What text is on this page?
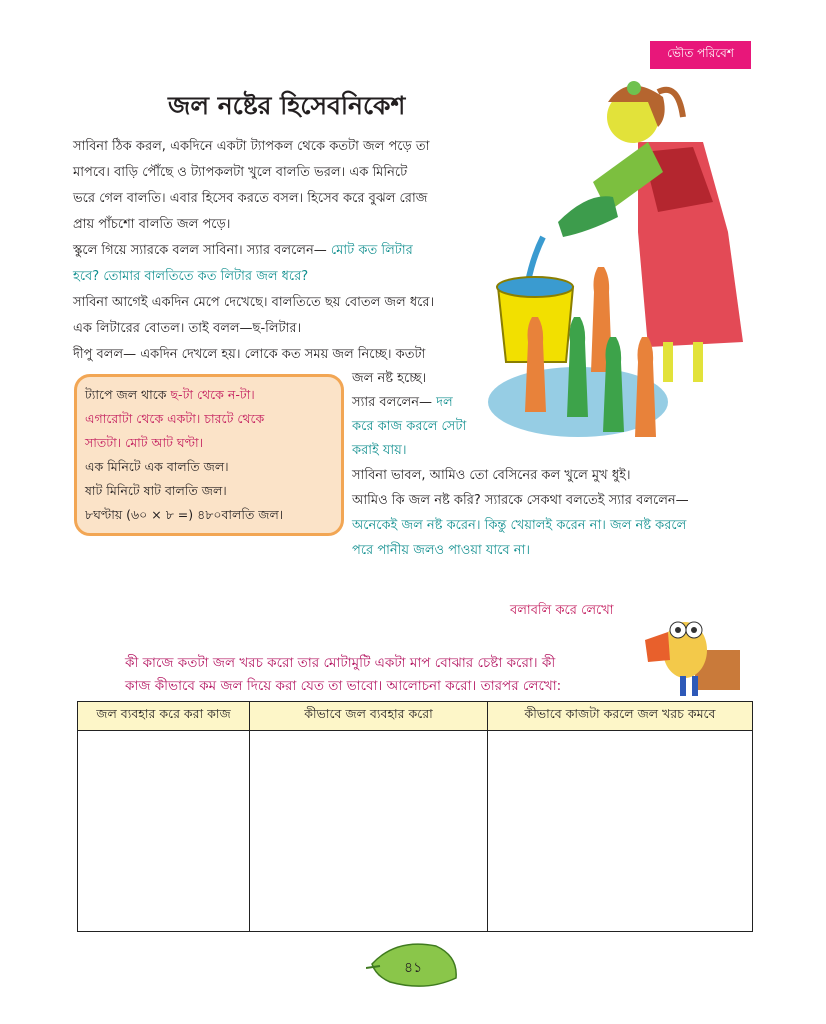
ভৌত পরিবেশ
জল নষ্টের হিসেবনিকেশ
সাবিনা ঠিক করল, একদিনে একটা ট্যাপকল থেকে কতটা জল পড়ে তা
মাপবে। বাড়ি পৌঁছে ও ট্যাপকলটা খুলে বালতি ভরল। এক মিনিটে
ভরে গেল বালতি। এবার হিসেব করতে বসল। হিসেব করে বুঝল রোজ
প্রায় পাঁচশো বালতি জল পড়ে।
স্কুলে গিয়ে স্যারকে বলল সাবিনা। স্যার বললেন— মোট কত লিটার
হবে? তোমার বালতিতে কত লিটার জল ধরে?
সাবিনা আগেই একদিন মেপে দেখেছে। বালতিতে ছয় বোতল জল ধরে।
এক লিটারের বোতল। তাই বলল—ছ-লিটার।
দীপু বলল— একদিন দেখলে হয়। লোকে কত সময় জল নিচ্ছে। কতটা
জল নষ্ট হচ্ছে।
স্যার বললেন— দল
করে কাজ করলে সেটা
করাই যায়।
সাবিনা ভাবল, আমিও তো বেসিনের কল খুলে মুখ ধুই।
আমিও কি জল নষ্ট করি? স্যারকে সেকথা বলতেই স্যার বললেন—
অনেকেই জল নষ্ট করেন। কিন্তু খেয়ালই করেন না। জল নষ্ট করলে
পরে পানীয় জলও পাওয়া যাবে না।
ট্যাপে জল থাকে ছ-টা থেকে ন-টা।
এগারোটা থেকে একটা। চারটে থেকে
সাতটা। মোট আট ঘণ্টা।
এক মিনিটে এক বালতি জল।
ষাট মিনিটে ষাট বালতি জল।
৮ঘণ্টায় (৬০ × ৮ =) ৪৮০বালতি জল।
বলাবলি করে লেখো
কী কাজে কতটা জল খরচ করো তার মোটামুটি একটা মাপ বোঝার চেষ্টা করো। কী
কাজ কীভাবে কম জল দিয়ে করা যেত তা ভাবো। আলোচনা করো। তারপর লেখো:
জল ব্যবহার করে করা কাজ	কীভাবে জল ব্যবহার করো	কীভাবে কাজটা করলে জল খরচ কমবে

৪১
